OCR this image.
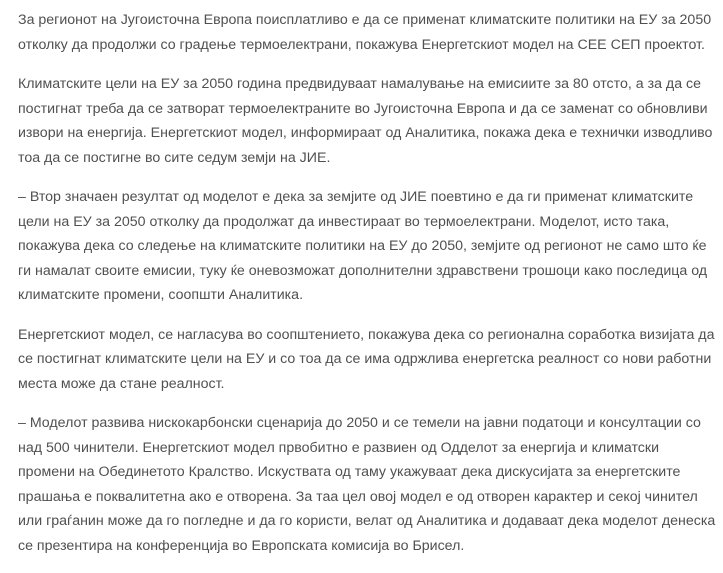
За регионот на Југоисточна Европа поисплатливо е да се применат климатските политики на ЕУ за 2050 отколку да продолжи со градење термоелектрани, покажува Енергетскиот модел на СЕЕ СЕП проектот.

Климатските цели на ЕУ за 2050 година предвидуваат намалување на емисиите за 80 отсто, а за да се постигнат треба да се затворат термоелектраните во Југоисточна Европа и да се заменат со обновливи извори на енергија. Енергетскиот модел, информираат од Аналитика, покажа дека е технички изводливо тоа да се постигне во сите седум земји на ЈИЕ.

– Втор значаен резултат од моделот е дека за земјите од ЈИЕ поевтино е да ги применат климатските цели на ЕУ за 2050 отколку да продолжат да инвестираат во термоелектрани. Моделот, исто така, покажува дека со следење на климатските политики на ЕУ до 2050, земјите од регионот не само што ќе ги намалат своите емисии, туку ќе оневозможат дополнителни здравствени трошоци како последица од климатските промени, соопшти Аналитика.

Енергетскиот модел, се нагласува во соопштението, покажува дека со регионална соработка визијата да се постигнат климатските цели на ЕУ и со тоа да се има одржлива енергетска реалност со нови работни места може да стане реалност.

– Моделот развива нискокарбонски сценарија до 2050 и се темели на јавни податоци и консултации со над 500 чинители. Енергетскиот модел првобитно е развиен од Одделот за енергија и климатски промени на Обединетото Кралство. Искуствата од таму укажуваат дека дискусијата за енергетските прашања е поквалитетна ако е отворена. За таа цел овој модел е од отворен карактер и секој чинител или граѓанин може да го погледне и да го користи, велат од Аналитика и додаваат дека моделот денеска се презентира на конференција во Европската комисија во Брисел.
